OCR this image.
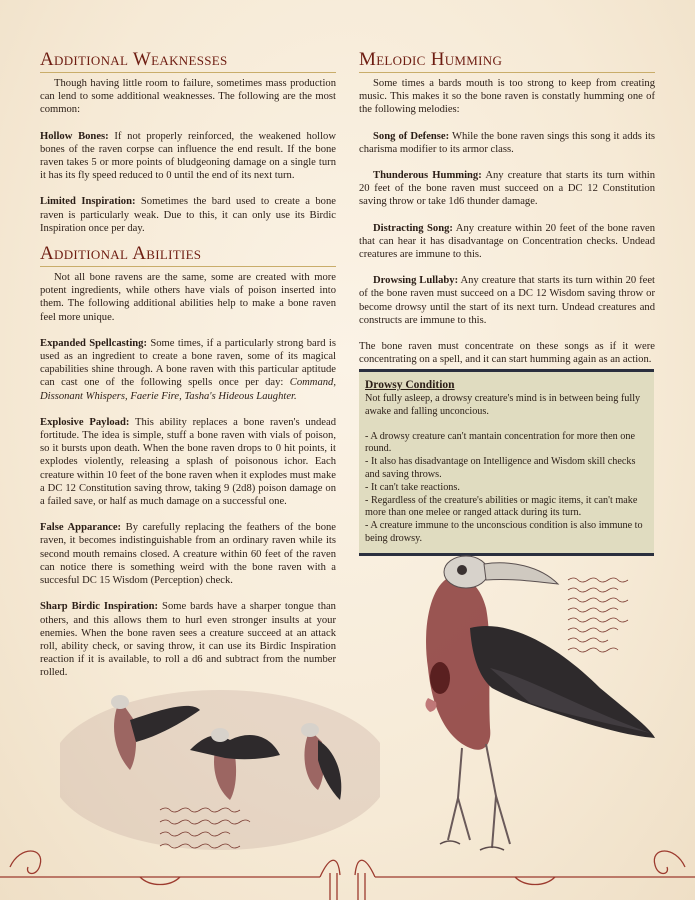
Additional Weaknesses

Though having little room to failure, sometimes mass production can lend to some additional weaknesses. The following are the most common:

Hollow Bones: If not properly reinforced, the weakened hollow bones of the raven corpse can influence the end result. If the bone raven takes 5 or more points of bludgeoning damage on a single turn it has its fly speed reduced to 0 until the end of its next turn.

Limited Inspiration: Sometimes the bard used to create a bone raven is particularly weak. Due to this, it can only use its Birdic Inspiration once per day.

Additional Abilities

Not all bone ravens are the same, some are created with more potent ingredients, while others have vials of poison inserted into them. The following additional abilities help to make a bone raven feel more unique.

Expanded Spellcasting: Some times, if a particularly strong bard is used as an ingredient to create a bone raven, some of its magical capabilities shine through. A bone raven with this particular aptitude can cast one of the following spells once per day: Command, Dissonant Whispers, Faerie Fire, Tasha's Hideous Laughter.

Explosive Payload: This ability replaces a bone raven's undead fortitude. The idea is simple, stuff a bone raven with vials of poison, so it bursts upon death. When the bone raven drops to 0 hit points, it explodes violently, releasing a splash of poisonous ichor. Each creature within 10 feet of the bone raven when it explodes must make a DC 12 Constitution saving throw, taking 9 (2d8) poison damage on a failed save, or half as much damage on a successful one.

False Apparance: By carefully replacing the feathers of the bone raven, it becomes indistinguishable from an ordinary raven while its second mouth remains closed. A creature within 60 feet of the raven can notice there is something weird with the bone raven with a succesful DC 15 Wisdom (Perception) check.

Sharp Birdic Inspiration: Some bards have a sharper tongue than others, and this allows them to hurl even stronger insults at your enemies. When the bone raven sees a creature succeed at an attack roll, ability check, or saving throw, it can use its Birdic Inspiration reaction if it is available, to roll a d6 and subtract from the number rolled.

Melodic Humming

Some times a bards mouth is too strong to keep from creating music. This makes it so the bone raven is constatly humming one of the following melodies:

Song of Defense: While the bone raven sings this song it adds its charisma modifier to its armor class.

Thunderous Humming: Any creature that starts its turn within 20 feet of the bone raven must succeed on a DC 12 Constitution saving throw or take 1d6 thunder damage.

Distracting Song: Any creature within 20 feet of the bone raven that can hear it has disadvantage on Concentration checks. Undead creatures are immune to this.

Drowsing Lullaby: Any creature that starts its turn within 20 feet of the bone raven must succeed on a DC 12 Wisdom saving throw or become drowsy until the start of its next turn. Undead creatures and constructs are immune to this.

The bone raven must concentrate on these songs as if it were concentrating on a spell, and it can start humming again as an action.

Drowsy Condition

Not fully asleep, a drowsy creature's mind is in between being fully awake and falling unconcious.

- A drowsy creature can't mantain concentration for more then one round.

- It also has disadvantage on Intelligence and Wisdom skill checks and saving throws.

- It can't take reactions.

- Regardless of the creature's abilities or magic items, it can't make more than one melee or ranged attack during its turn.

- A creature immune to the unconscious condition is also immune to being drowsy.
